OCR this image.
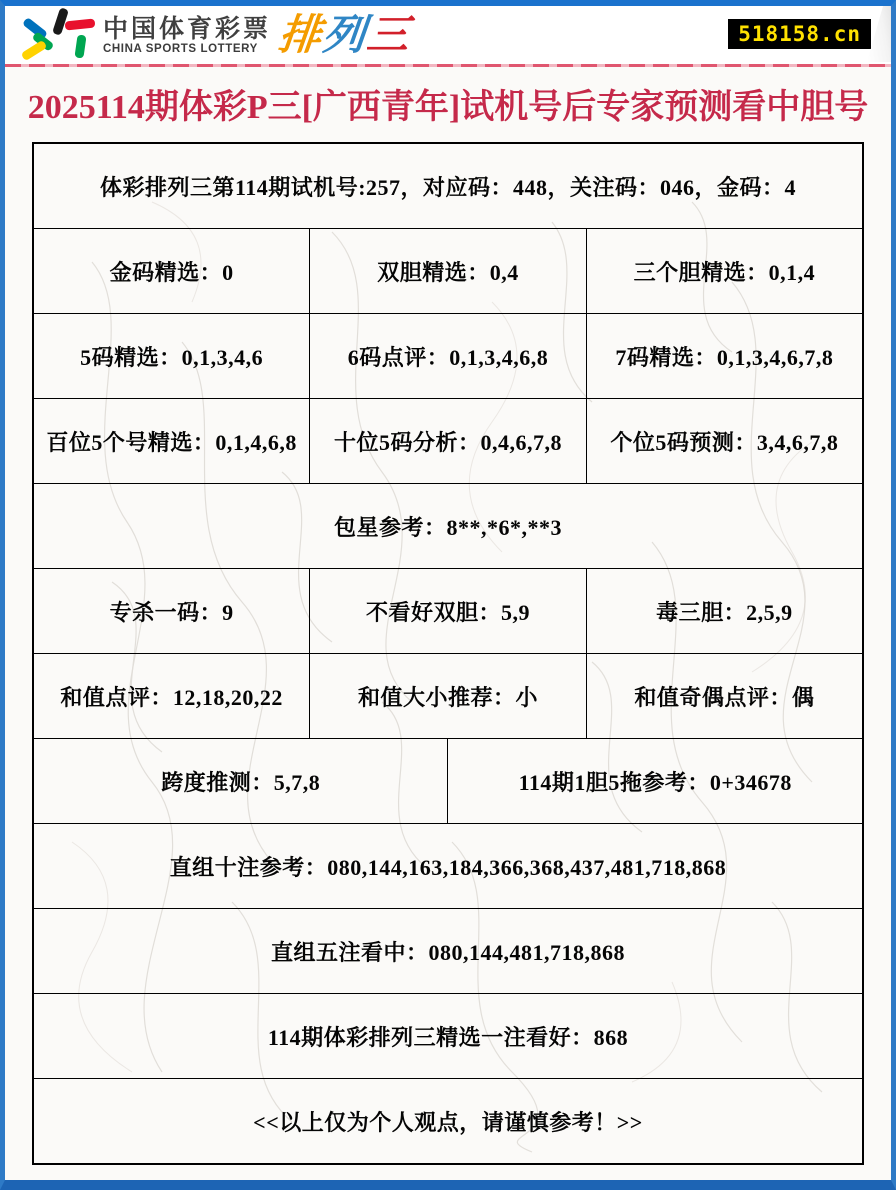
中国体育彩票
CHINA SPORTS LOTTERY 排列三	518158.cn
2025114期体彩P三[广西青年]试机号后专家预测看中胆号
体彩排列三第114期试机号:257，对应码：448，关注码：046，金码：4			
金码精选：0	双胆精选：0,4		三个胆精选：0,1,4
5码精选：0,1,3,4,6	6码点评：0,1,3,4,6,8		7码精选：0,1,3,4,6,7,8
百位5个号精选：0,1,4,6,8	十位5码分析：0,4,6,7,8		个位5码预测：3,4,6,7,8
包星参考：8**,*6*,**3			
专杀一码：9	不看好双胆：5,9		毒三胆：2,5,9
和值点评：12,18,20,22	和值大小推荐：小		和值奇偶点评：偶
跨度推测：5,7,8		114期1胆5拖参考：0+34678	
直组十注参考：080,144,163,184,366,368,437,481,718,868			
直组五注看中：080,144,481,718,868			
114期体彩排列三精选一注看好：868			
<<以上仅为个人观点，请谨慎参考！>>			
